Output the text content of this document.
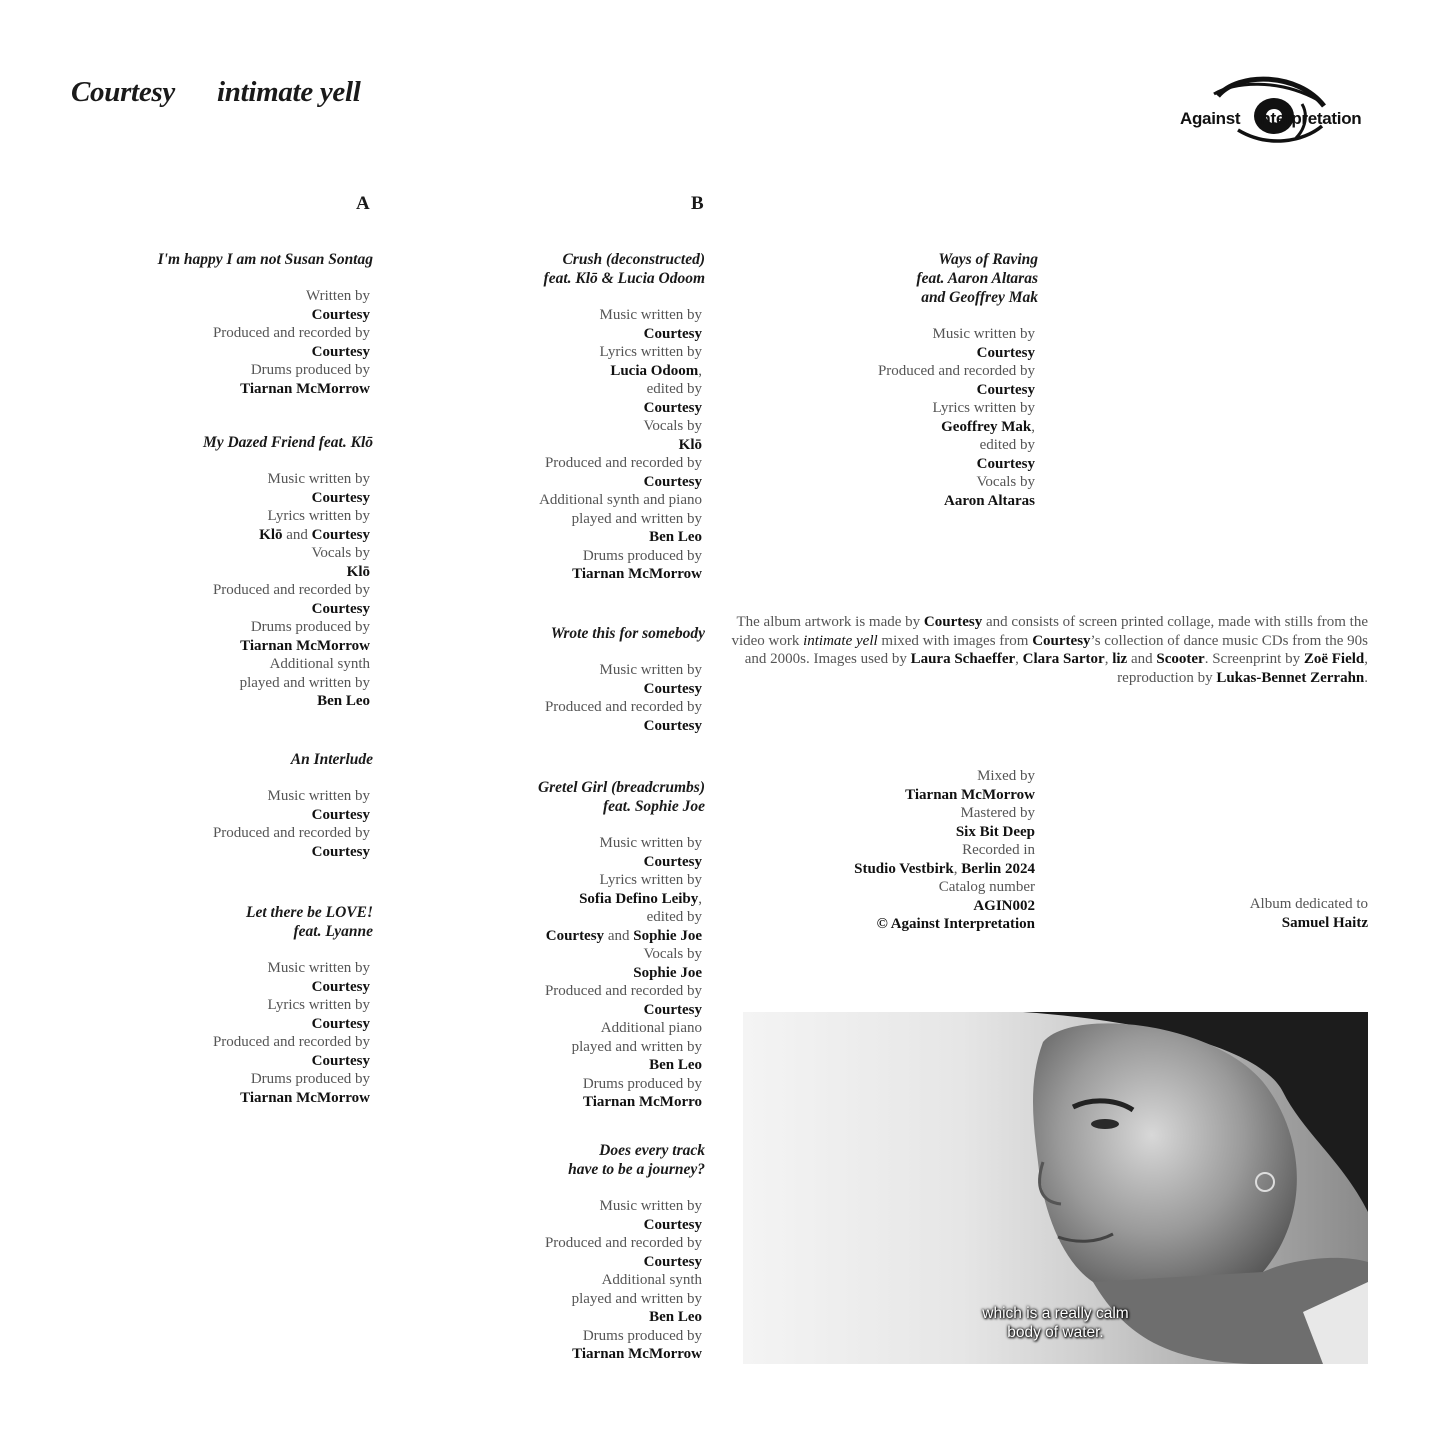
Courtesy intimate yell
Against Interpretation
A	B
I'm happy I am not Susan Sontag
Written by
Courtesy
Produced and recorded by
Courtesy
Drums produced by
Tiarnan McMorrow
My Dazed Friend feat. Klō
Music written by
Courtesy
Lyrics written by
Klō and Courtesy
Vocals by
Klō
Produced and recorded by
Courtesy
Drums produced by
Tiarnan McMorrow
Additional synth
played and written by
Ben Leo
An Interlude
Music written by
Courtesy
Produced and recorded by
Courtesy
Let there be LOVE!
feat. Lyanne
Music written by
Courtesy
Lyrics written by
Courtesy
Produced and recorded by
Courtesy
Drums produced by
Tiarnan McMorrow
Crush (deconstructed)
feat. Klō & Lucia Odoom
Music written by
Courtesy
Lyrics written by
Lucia Odoom,
edited by
Courtesy
Vocals by
Klō
Produced and recorded by
Courtesy
Additional synth and piano
played and written by
Ben Leo
Drums produced by
Tiarnan McMorrow
Wrote this for somebody
Music written by
Courtesy
Produced and recorded by
Courtesy
Gretel Girl (breadcrumbs)
feat. Sophie Joe
Music written by
Courtesy
Lyrics written by
Sofia Defino Leiby,
edited by
Courtesy and Sophie Joe
Vocals by
Sophie Joe
Produced and recorded by
Courtesy
Additional piano
played and written by
Ben Leo
Drums produced by
Tiarnan McMorro
Does every track
have to be a journey?
Music written by
Courtesy
Produced and recorded by
Courtesy
Additional synth
played and written by
Ben Leo
Drums produced by
Tiarnan McMorrow
Ways of Raving
feat. Aaron Altaras
and Geoffrey Mak
Music written by
Courtesy
Produced and recorded by
Courtesy
Lyrics written by
Geoffrey Mak,
edited by
Courtesy
Vocals by
Aaron Altaras
The album artwork is made by Courtesy and consists of screen printed collage, made with stills from the
video work intimate yell mixed with images from Courtesy’s collection of dance music CDs from the 90s
and 2000s. Images used by Laura Schaeffer, Clara Sartor, liz and Scooter. Screenprint by Zoë Field,
reproduction by Lukas-Bennet Zerrahn.
Mixed by
Tiarnan McMorrow
Mastered by
Six Bit Deep
Recorded in
Studio Vestbirk, Berlin 2024
Catalog number
AGIN002
© Against Interpretation
Album dedicated to
Samuel Haitz
which is a really calm
body of water.
